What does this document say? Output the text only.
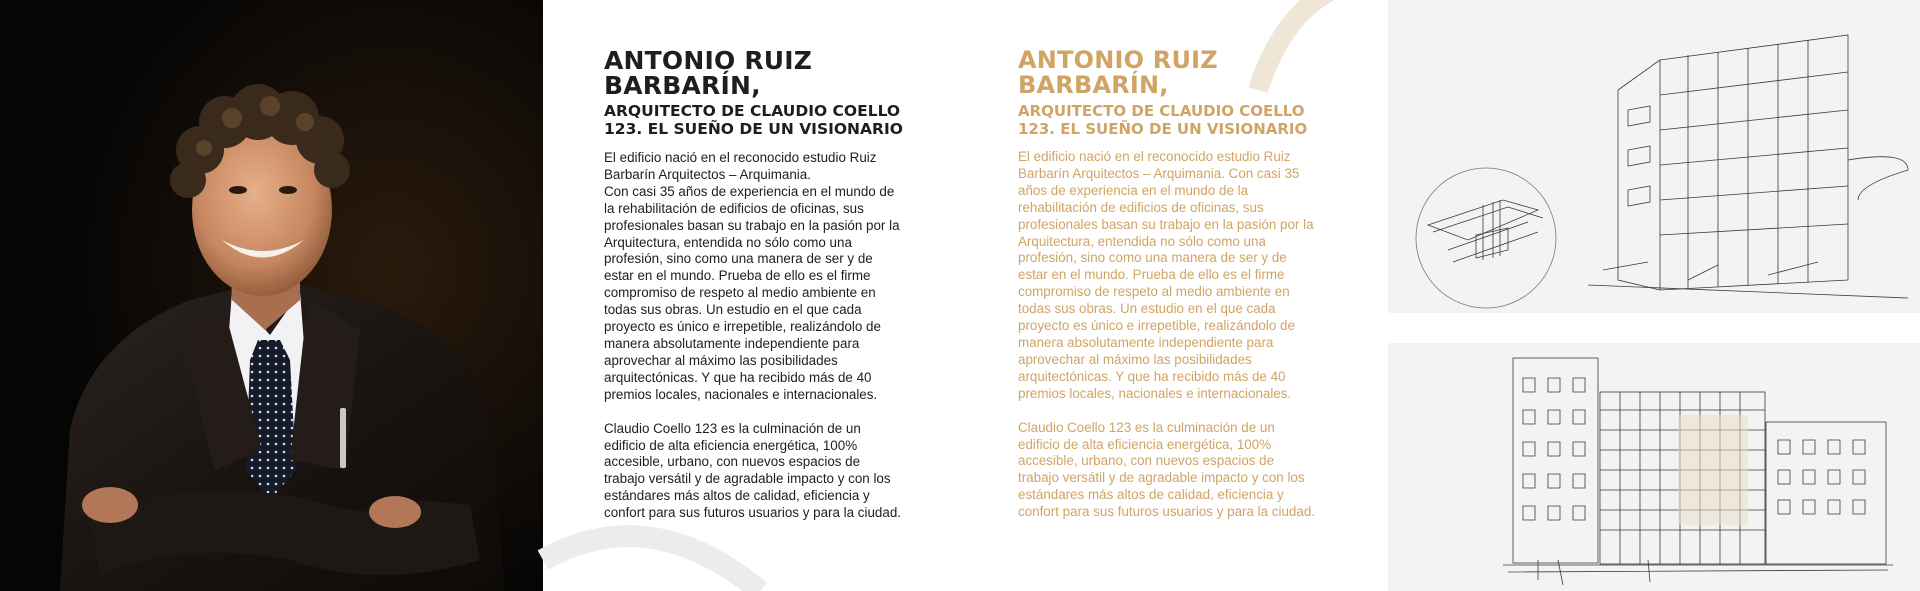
ANTONIO RUIZ BARBARÍN,
ARQUITECTO DE CLAUDIO COELLO 123. EL SUEÑO DE UN VISIONARIO

El edificio nació en el reconocido estudio Ruiz Barbarín Arquitectos – Arquimania.

Con casi 35 años de experiencia en el mundo de la rehabilitación de edificios de oficinas, sus profesionales basan su trabajo en la pasión por la Arquitectura, entendida no sólo como una profesión, sino como una manera de ser y de estar en el mundo. Prueba de ello es el firme compromiso de respeto al medio ambiente en todas sus obras. Un estudio en el que cada proyecto es único e irrepetible, realizándolo de manera absolutamente independiente para aprovechar al máximo las posibilidades arquitectónicas. Y que ha recibido más de 40 premios locales, nacionales e internacionales.

Claudio Coello 123 es la culminación de un edificio de alta eficiencia energética, 100% accesible, urbano, con nuevos espacios de trabajo versátil y de agradable impacto y con los estándares más altos de calidad, eficiencia y confort para sus futuros usuarios y para la ciudad.

ANTONIO RUIZ BARBARÍN,
ARQUITECTO DE CLAUDIO COELLO 123. EL SUEÑO DE UN VISIONARIO

El edificio nació en el reconocido estudio Ruiz Barbarín Arquitectos – Arquimania. Con casi 35 años de experiencia en el mundo de la rehabilitación de edificios de oficinas, sus profesionales basan su trabajo en la pasión por la Arquitectura, entendida no sólo como una profesión, sino como una manera de ser y de estar en el mundo. Prueba de ello es el firme compromiso de respeto al medio ambiente en todas sus obras. Un estudio en el que cada proyecto es único e irrepetible, realizándolo de manera absolutamente independiente para aprovechar al máximo las posibilidades arquitectónicas. Y que ha recibido más de 40 premios locales, nacionales e internacionales.

Claudio Coello 123 es la culminación de un edificio de alta eficiencia energética, 100% accesible, urbano, con nuevos espacios de trabajo versátil y de agradable impacto y con los estándares más altos de calidad, eficiencia y confort para sus futuros usuarios y para la ciudad.
